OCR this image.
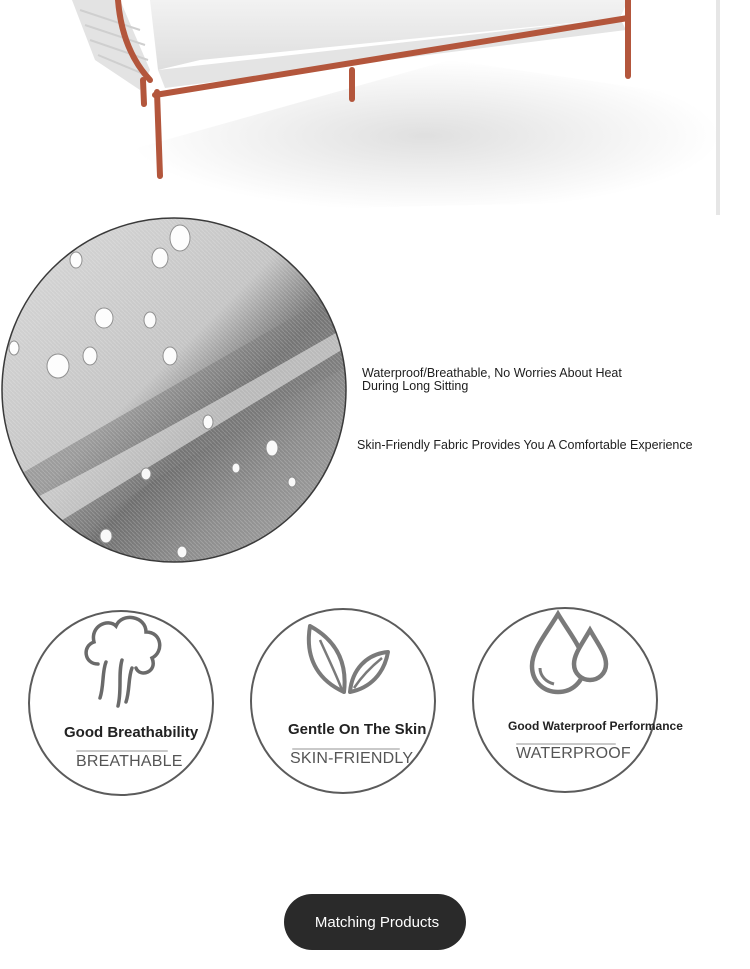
Waterproof/Breathable, No Worries About Heat During Long Sitting
Skin-Friendly Fabric Provides You A Comfortable Experience
Good Breathability
BREATHABLE
Gentle On The Skin
SKIN-FRIENDLY
Good Waterproof Performance
WATERPROOF
Matching Products
